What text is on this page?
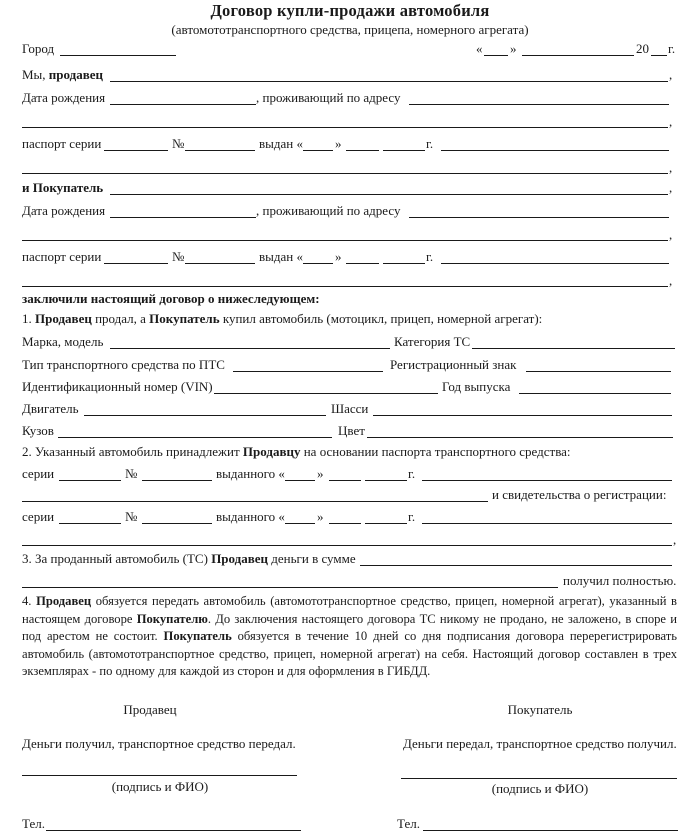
Договор купли-продажи автомобиля
(автомототранспортного средства, прицепа, номерного агрегата)
Город	« »	20 г.
Мы, продавец	,
Дата рождения	, проживающий по адресу
,
паспорт серии	№	выдан « »	г.
,
и Покупатель	,
Дата рождения	, проживающий по адресу
,
паспорт серии	№	выдан « »	г.
,
заключили настоящий договор о нижеследующем:
1. Продавец продал, а Покупатель купил автомобиль (мотоцикл, прицеп, номерной агрегат):
Марка, модель	Категория ТС
Тип транспортного средства по ПТС	Регистрационный знак
Идентификационный номер (VIN)	Год выпуска
Двигатель	Шасси
Кузов	Цвет
2. Указанный автомобиль принадлежит Продавцу на основании паспорта транспортного средства:
серии	№	выданного « »	г.
и свидетельства о регистрации:
серии	№	выданного « »	г.
,
3. За проданный автомобиль (ТС) Продавец деньги в сумме
получил полностью.
4. Продавец обязуется передать автомобиль (автомототранспортное средство, прицеп, номерной агрегат), указанный в настоящем договоре Покупателю. До заключения настоящего договора ТС никому не продано, не заложено, в споре и под арестом не состоит. Покупатель обязуется в течение 10 дней со дня подписания договора перерегистрировать автомобиль (автомототранспортное средство, прицеп, номерной агрегат) на себя. Настоящий договор составлен в трех экземплярах - по одному для каждой из сторон и для оформления в ГИБДД.
Продавец
Деньги получил, транспортное средство передал.
(подпись и ФИО)
Тел.
Покупатель
Деньги передал, транспортное средство получил.
(подпись и ФИО)
Тел.
